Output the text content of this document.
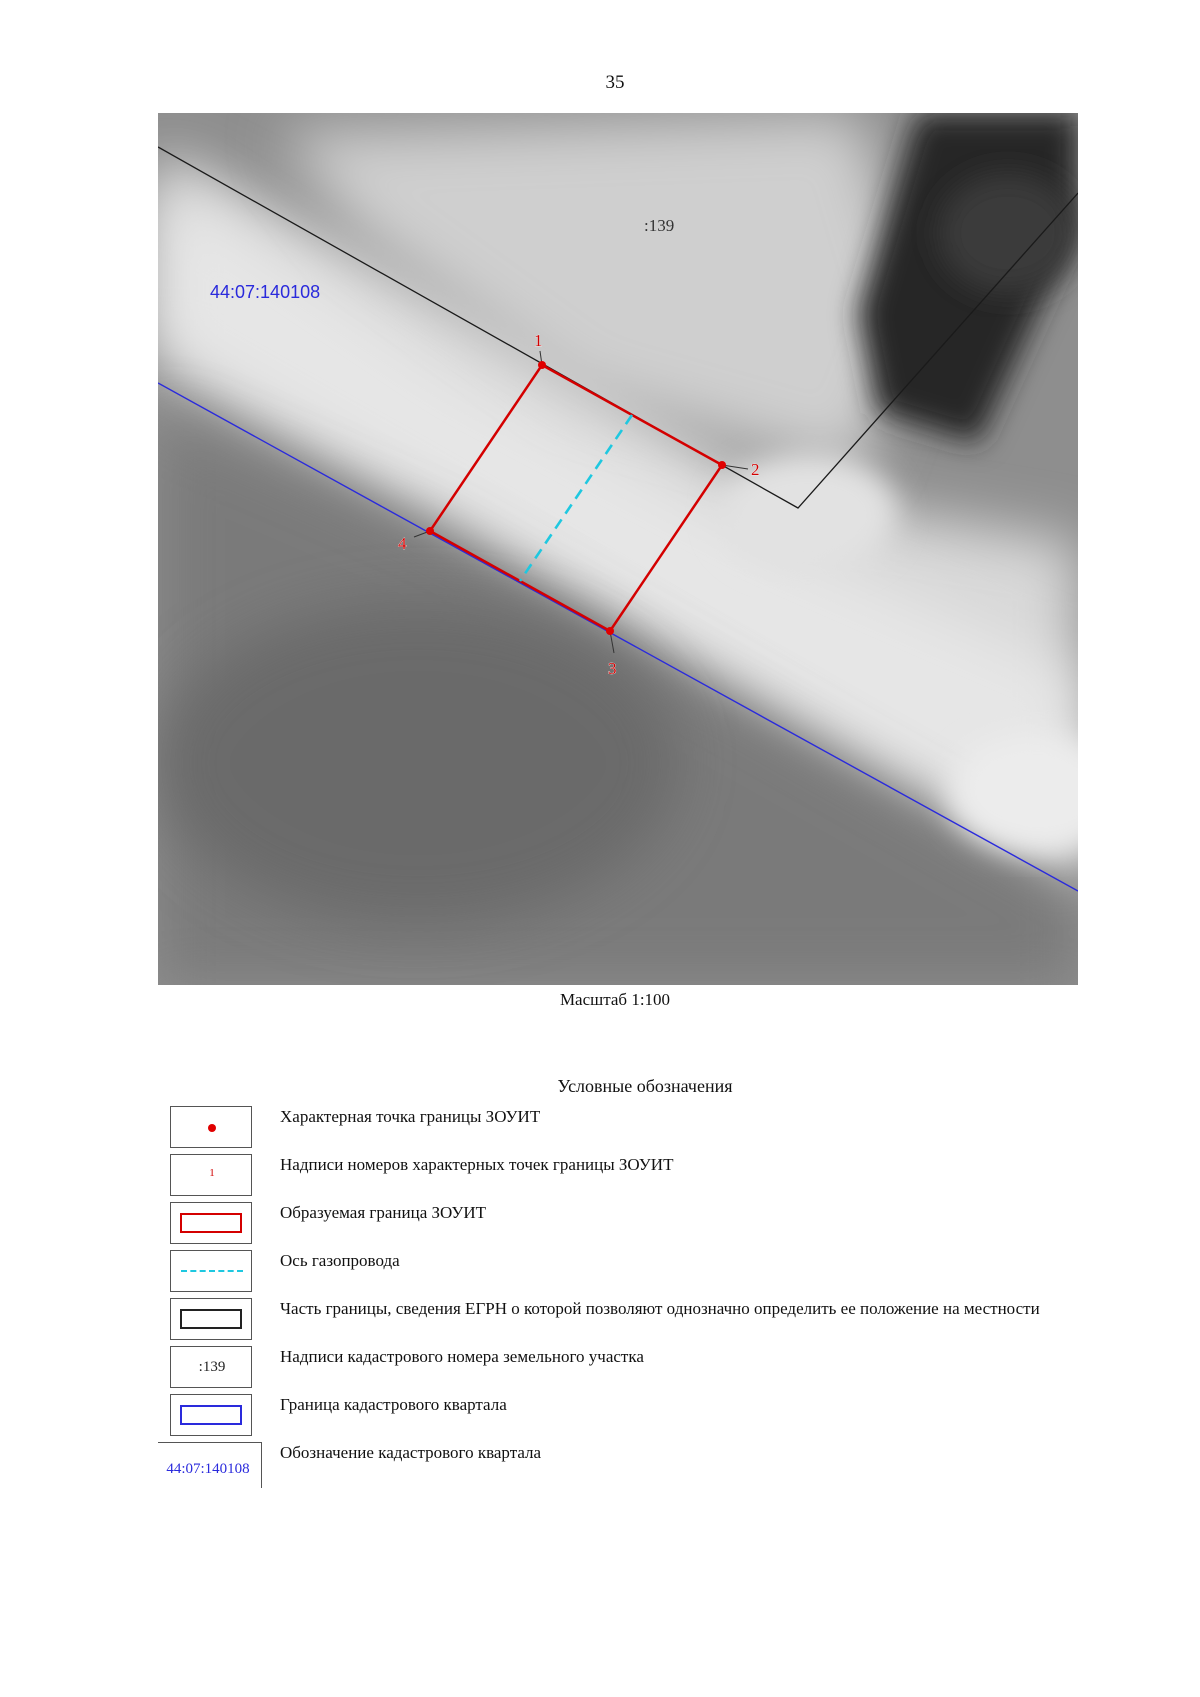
35
1
2
3
4
:139
44:07:140108
Масштаб 1:100
Условные обозначения
Характерная точка границы ЗОУИТ
1	Надписи номеров характерных точек границы ЗОУИТ
Образуемая граница ЗОУИТ
Ось газопровода
Часть границы, сведения ЕГРН о которой позволяют однозначно определить ее положение на местности
:139
Надписи кадастрового номера земельного участка
Граница кадастрового квартала
44:07:140108
Обозначение кадастрового квартала
